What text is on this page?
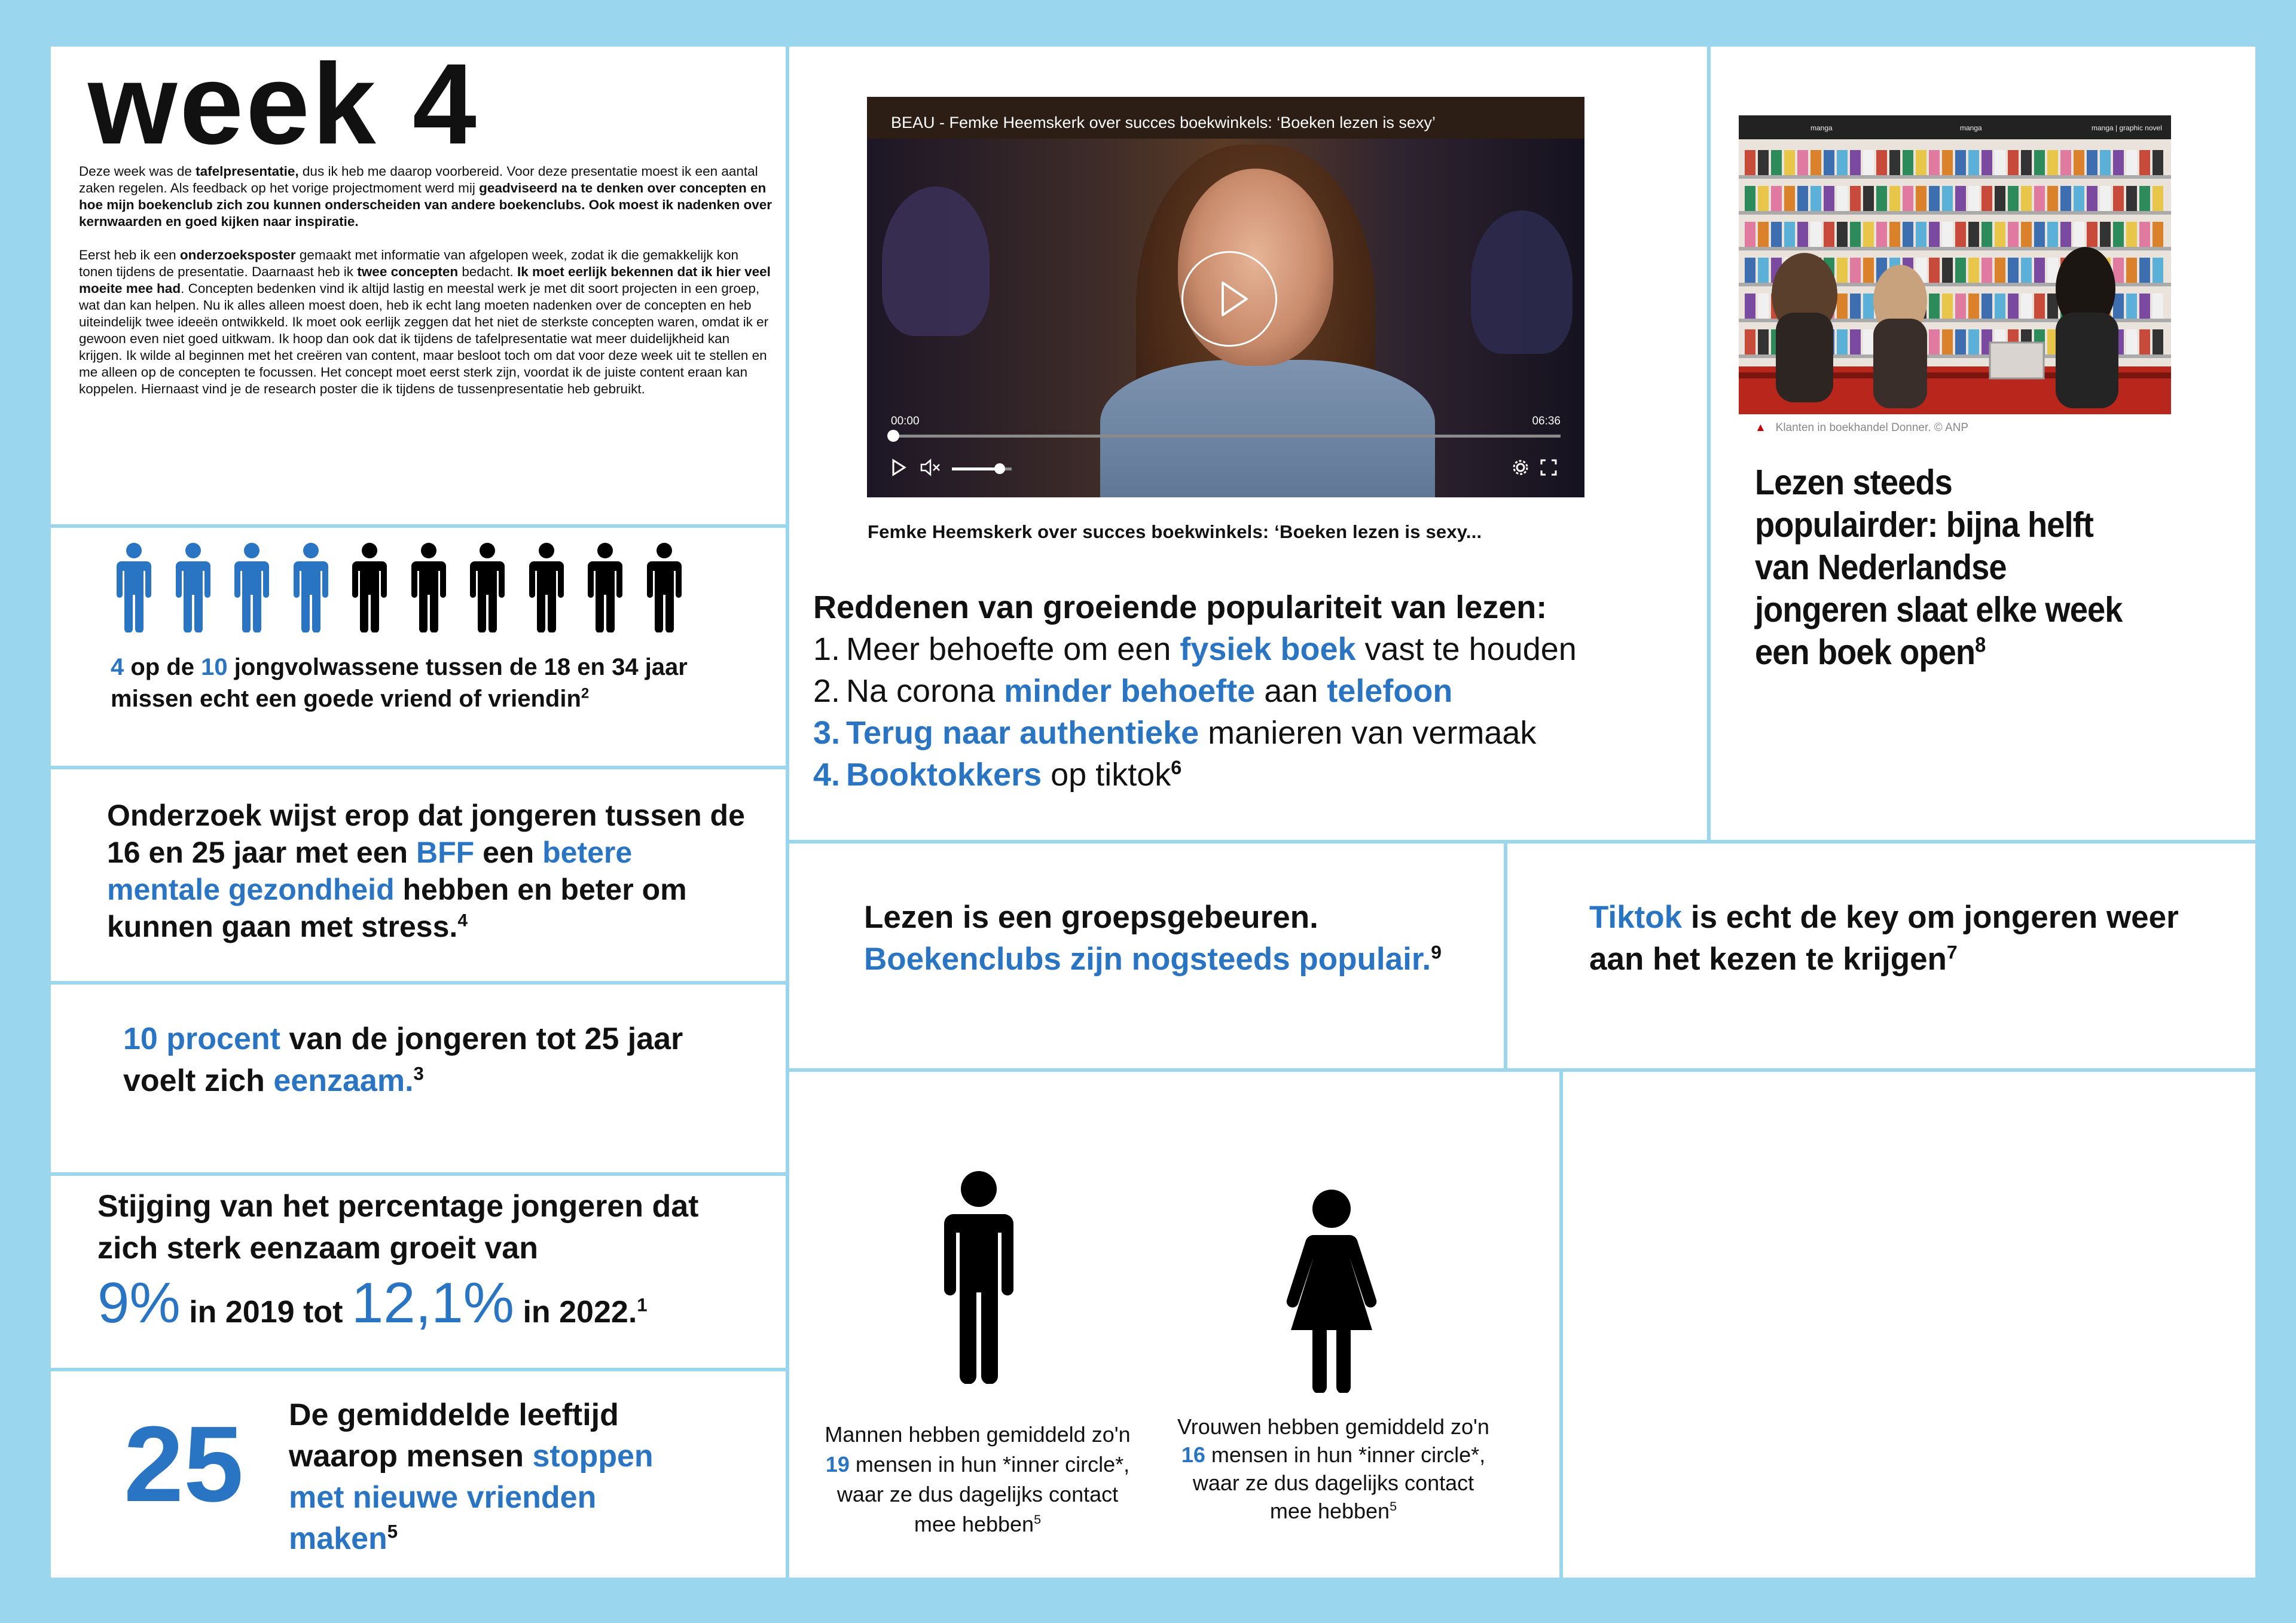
week 4

Deze week was de tafelpresentatie, dus ik heb me daarop voorbereid. Voor deze presentatie moest ik een aantal zaken regelen. Als feedback op het vorige projectmoment werd mij geadviseerd na te denken over concepten en hoe mijn boekenclub zich zou kunnen onderscheiden van andere boekenclubs. Ook moest ik nadenken over kernwaarden en goed kijken naar inspiratie.

Eerst heb ik een onderzoeksposter gemaakt met informatie van afgelopen week, zodat ik die gemakkelijk kon tonen tijdens de presentatie. Daarnaast heb ik twee concepten bedacht. Ik moet eerlijk bekennen dat ik hier veel moeite mee had. Concepten bedenken vind ik altijd lastig en meestal werk je met dit soort projecten in een groep, wat dan kan helpen. Nu ik alles alleen moest doen, heb ik echt lang moeten nadenken over de concepten en heb uiteindelijk twee ideeën ontwikkeld. Ik moet ook eerlijk zeggen dat het niet de sterkste concepten waren, omdat ik er gewoon even niet goed uitkwam. Ik hoop dan ook dat ik tijdens de tafelpresentatie wat meer duidelijkheid kan krijgen. Ik wilde al beginnen met het creëren van content, maar besloot toch om dat voor deze week uit te stellen en me alleen op de concepten te focussen. Het concept moet eerst sterk zijn, voordat ik de juiste content eraan kan koppelen. Hiernaast vind je de research poster die ik tijdens de tussenpresentatie heb gebruikt.

4 op de 10 jongvolwassene tussen de 18 en 34 jaar missen echt een goede vriend of vriendin$^2$
Onderzoek wijst erop dat jongeren tussen de 16 en 25 jaar met een BFF een betere mentale gezondheid hebben en beter om kunnen gaan met stress.$^4$
10 procent van de jongeren tot 25 jaar voelt zich eenzaam.$^3$
Stijging van het percentage jongeren dat zich sterk eenzaam groeit van
9% in 2019 tot 12,1% in 2022.$^1$
25 De gemiddelde leeftijd waarop mensen stoppen met nieuwe vrienden maken$^5$
BEAU - Femke Heemskerk over succes boekwinkels: ‘Boeken lezen is sexy’
00:00	06:36
Femke Heemskerk over succes boekwinkels: ‘Boeken lezen is sexy...
Reddenen van groeiende populariteit van lezen:
1. Meer behoefte om een fysiek boek vast te houden
2. Na corona minder behoefte aan telefoon
3. Terug naar authentieke manieren van vermaak
4. Booktokkers op tiktok$^6$
manga	manga	manga | graphic novel
▲ Klanten in boekhandel Donner. © ANP
Lezen steeds populairder: bijna helft van Nederlandse jongeren slaat elke week een boek open$^8$
Lezen is een groepsgebeuren. Boekenclubs zijn nogsteeds populair.$^9$
Tiktok is echt de key om jongeren weer aan het kezen te krijgen$^7$
Mannen hebben gemiddeld zo'n 19 mensen in hun *inner circle*, waar ze dus dagelijks contact mee hebben$^5$
Vrouwen hebben gemiddeld zo'n 16 mensen in hun *inner circle*, waar ze dus dagelijks contact mee hebben$^5$
